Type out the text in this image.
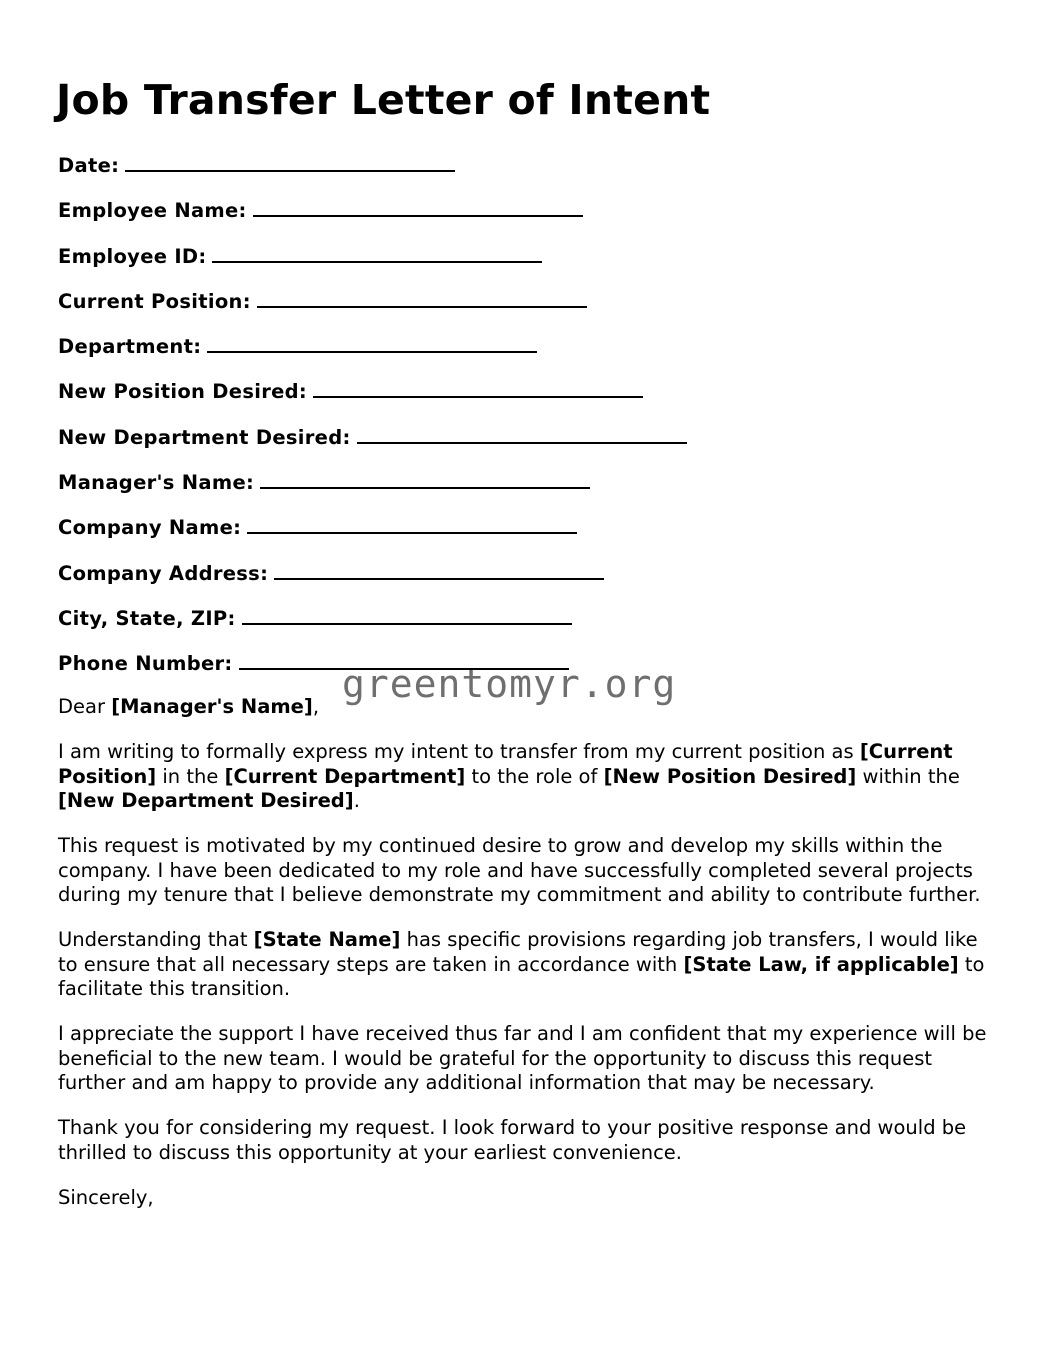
Job Transfer Letter of Intent
Date:
Employee Name:
Employee ID:
Current Position:
Department:
New Position Desired:
New Department Desired:
Manager's Name:
Company Name:
Company Address:
City, State, ZIP:
Phone Number:

Dear [Manager's Name],

I am writing to formally express my intent to transfer from my current position as [Current Position] in the [Current Department] to the role of [New Position Desired] within the [New Department Desired].

This request is motivated by my continued desire to grow and develop my skills within the company. I have been dedicated to my role and have successfully completed several projects during my tenure that I believe demonstrate my commitment and ability to contribute further.

Understanding that [State Name] has specific provisions regarding job transfers, I would like to ensure that all necessary steps are taken in accordance with [State Law, if applicable] to facilitate this transition.

I appreciate the support I have received thus far and I am confident that my experience will be beneficial to the new team. I would be grateful for the opportunity to discuss this request further and am happy to provide any additional information that may be necessary.

Thank you for considering my request. I look forward to your positive response and would be thrilled to discuss this opportunity at your earliest convenience.

Sincerely,

greentomyr.org
